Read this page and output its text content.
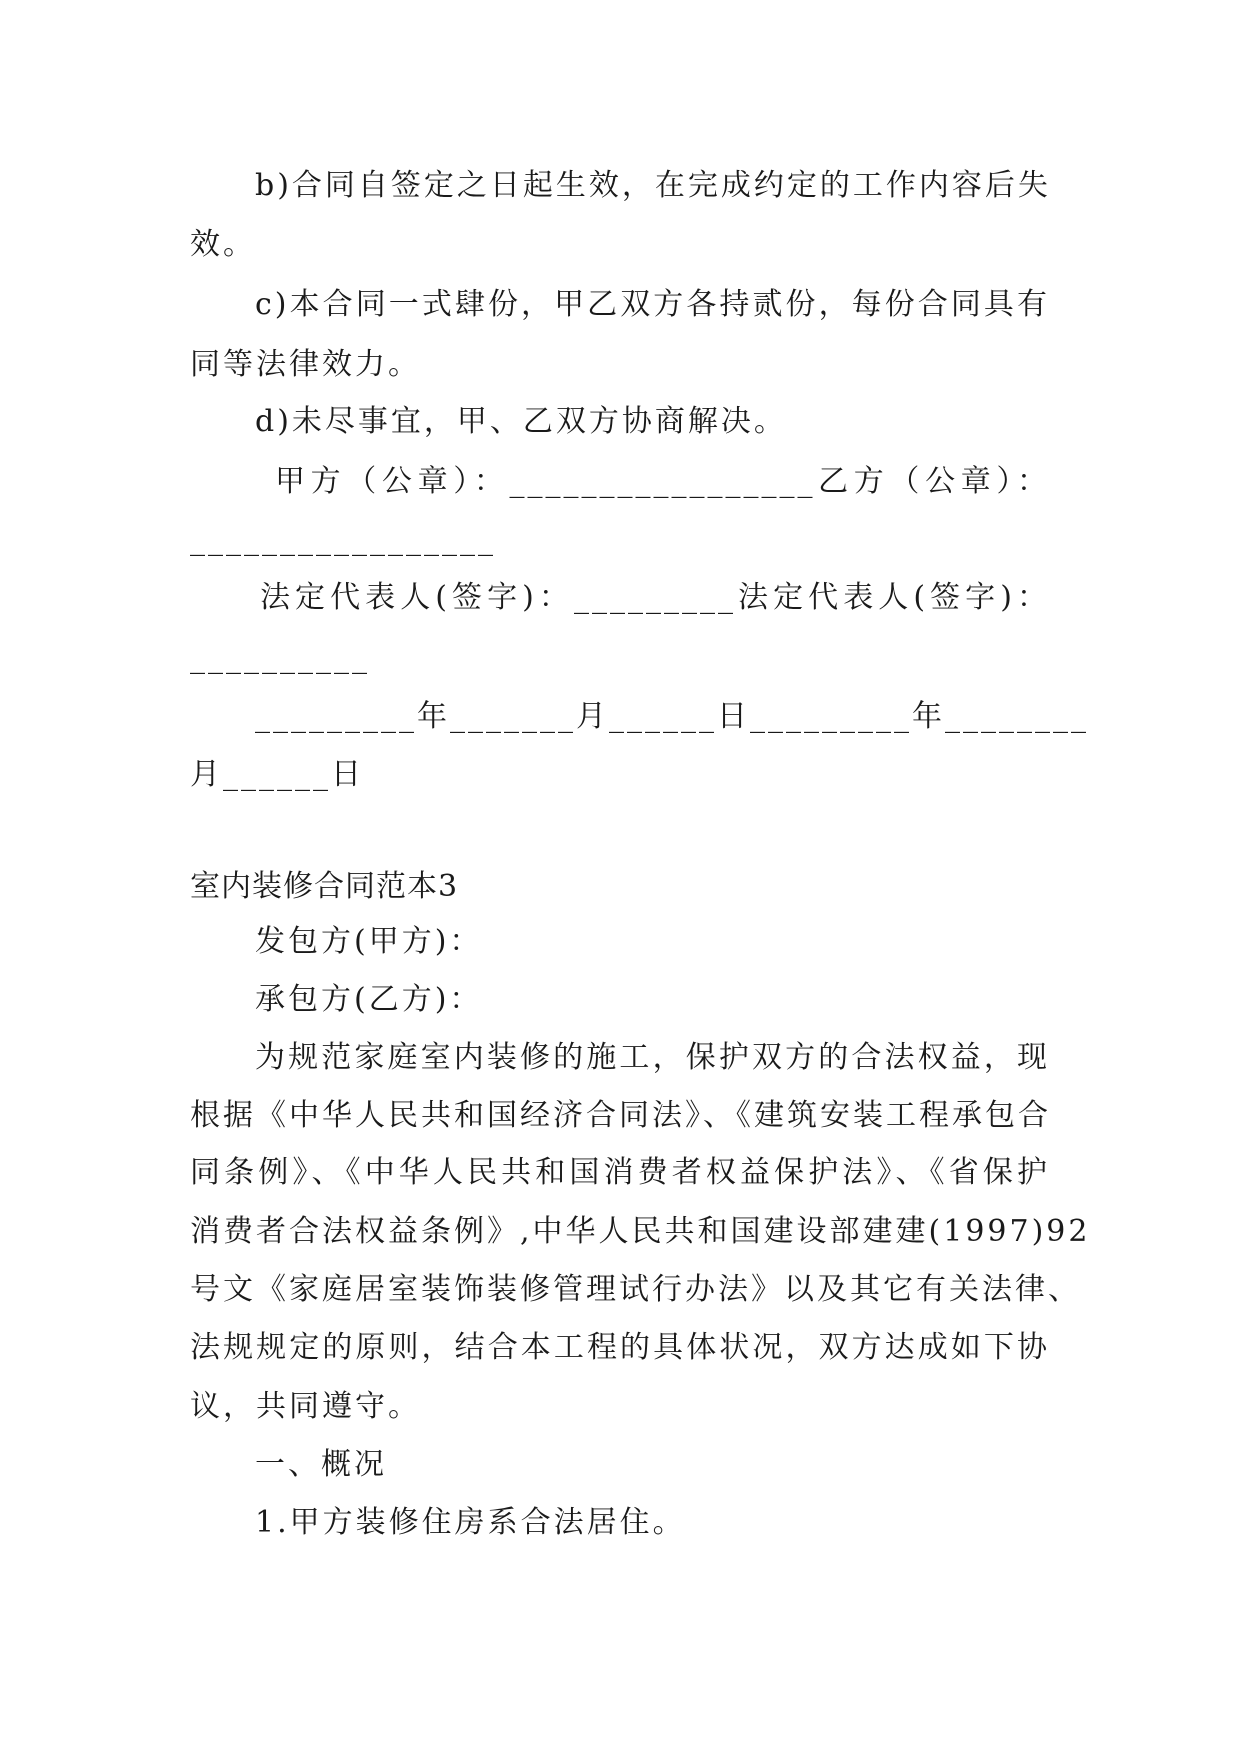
b)合同自签定之日起生效，在完成约定的工作内容后失
效。
c)本合同一式肆份，甲乙双方各持贰份，每份合同具有
同等法律效力。
d)未尽事宜，甲、乙双方协商解决。
甲方（公章）：_________________乙方（公章）：
_________________
法定代表人(签字)：_________法定代表人(签字)：
__________
_________年_______月______日_________年________
月______日
室内装修合同范本3
发包方(甲方)：
承包方(乙方)：
为规范家庭室内装修的施工，保护双方的合法权益，现
根据《中华人民共和国经济合同法》、《建筑安装工程承包合
同条例》、《中华人民共和国消费者权益保护法》、《省保护
消费者合法权益条例》,中华人民共和国建设部建建(1997)92
号文《家庭居室装饰装修管理试行办法》以及其它有关法律、
法规规定的原则，结合本工程的具体状况，双方达成如下协
议，共同遵守。
一、概况
1.甲方装修住房系合法居住。
